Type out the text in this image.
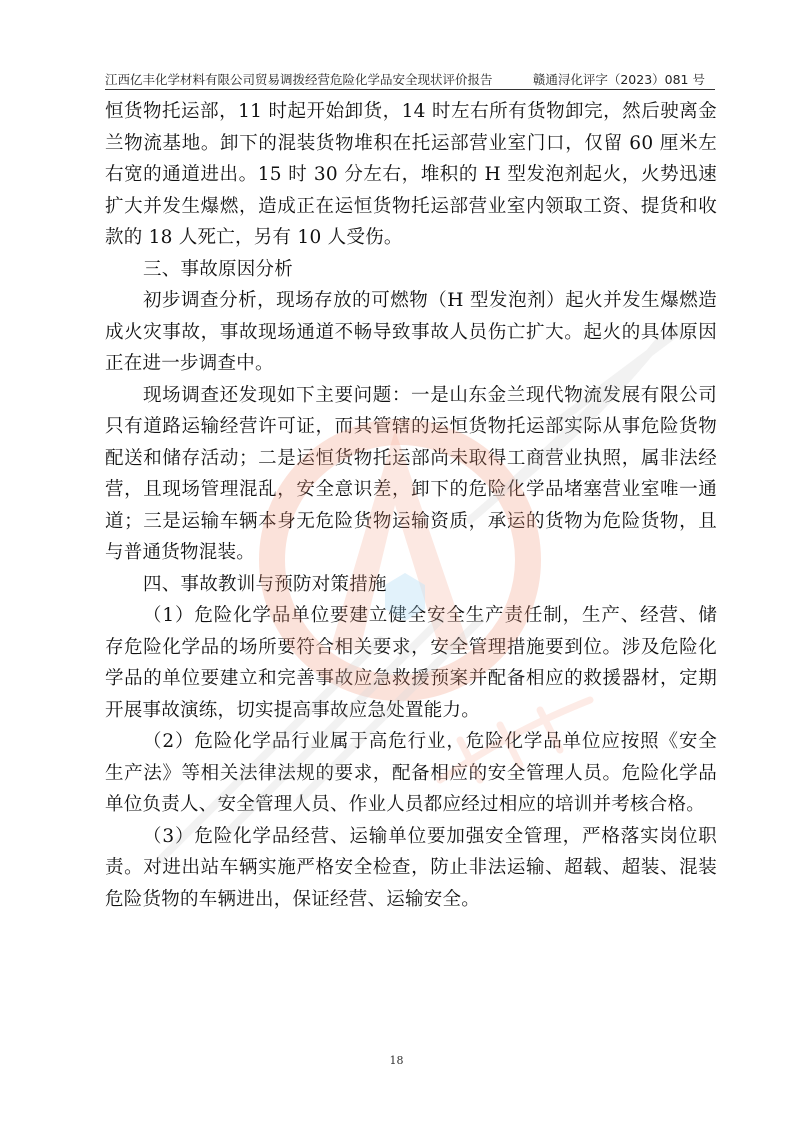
江西亿丰化学材料有限公司贸易调拨经营危险化学品安全现状评价报告	赣通浔化评字（2023）081 号

恒货物托运部，11 时起开始卸货，14 时左右所有货物卸完，然后驶离金兰物流基地。卸下的混装货物堆积在托运部营业室门口，仅留 60 厘米左右宽的通道进出。15 时 30 分左右，堆积的 H 型发泡剂起火，火势迅速扩大并发生爆燃，造成正在运恒货物托运部营业室内领取工资、提货和收款的 18 人死亡，另有 10 人受伤。

三、事故原因分析

初步调查分析，现场存放的可燃物（H 型发泡剂）起火并发生爆燃造成火灾事故，事故现场通道不畅导致事故人员伤亡扩大。起火的具体原因正在进一步调查中。

现场调查还发现如下主要问题：一是山东金兰现代物流发展有限公司只有道路运输经营许可证，而其管辖的运恒货物托运部实际从事危险货物配送和储存活动；二是运恒货物托运部尚未取得工商营业执照，属非法经营，且现场管理混乱，安全意识差，卸下的危险化学品堵塞营业室唯一通道；三是运输车辆本身无危险货物运输资质，承运的货物为危险货物，且与普通货物混装。

四、事故教训与预防对策措施

（1）危险化学品单位要建立健全安全生产责任制，生产、经营、储存危险化学品的场所要符合相关要求，安全管理措施要到位。涉及危险化学品的单位要建立和完善事故应急救援预案并配备相应的救援器材，定期开展事故演练，切实提高事故应急处置能力。

（2）危险化学品行业属于高危行业，危险化学品单位应按照《安全生产法》等相关法律法规的要求，配备相应的安全管理人员。危险化学品单位负责人、安全管理人员、作业人员都应经过相应的培训并考核合格。

（3）危险化学品经营、运输单位要加强安全管理，严格落实岗位职责。对进出站车辆实施严格安全检查，防止非法运输、超载、超装、混装危险货物的车辆进出，保证经营、运输安全。

18
